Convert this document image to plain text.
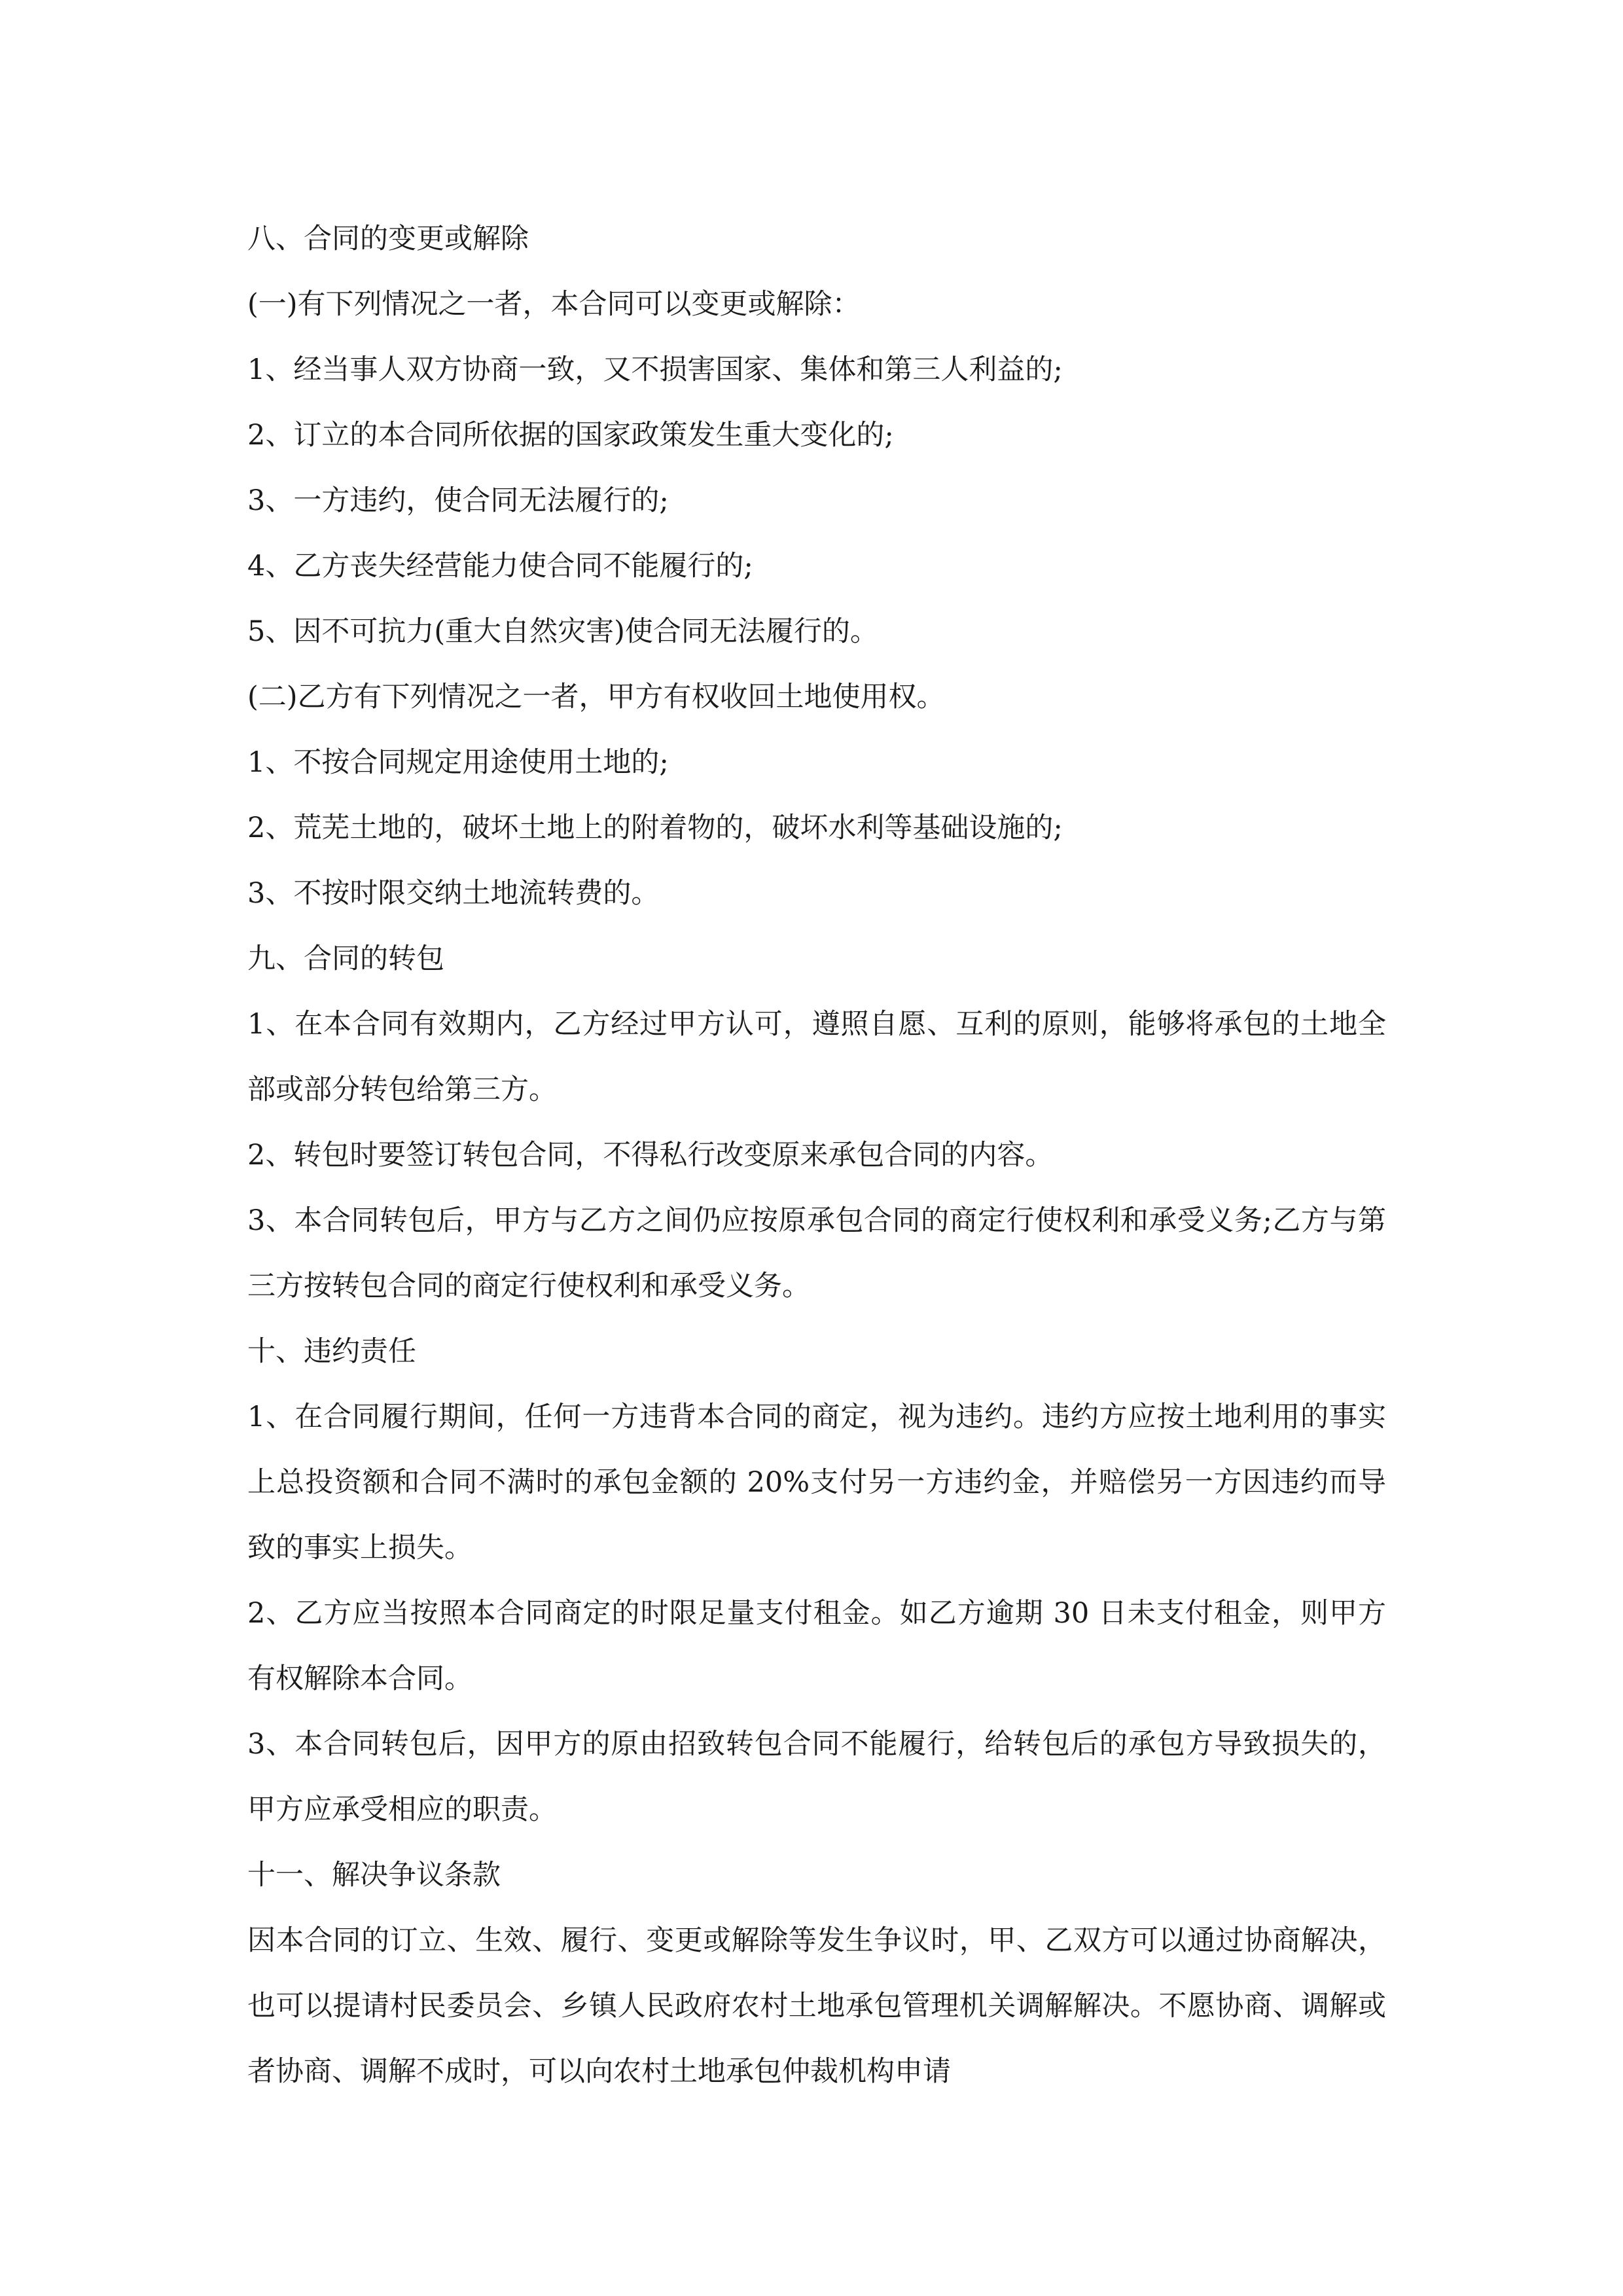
八、合同的变更或解除

(一)有下列情况之一者，本合同可以变更或解除：

1、经当事人双方协商一致，又不损害国家、集体和第三人利益的;

2、订立的本合同所依据的国家政策发生重大变化的;

3、一方违约，使合同无法履行的;

4、乙方丧失经营能力使合同不能履行的;

5、因不可抗力(重大自然灾害)使合同无法履行的。

(二)乙方有下列情况之一者，甲方有权收回土地使用权。

1、不按合同规定用途使用土地的;

2、荒芜土地的，破坏土地上的附着物的，破坏水利等基础设施的;

3、不按时限交纳土地流转费的。

九、合同的转包

1、在本合同有效期内，乙方经过甲方认可，遵照自愿、互利的原则，能够将承包的土地全部或部分转包给第三方。

2、转包时要签订转包合同，不得私行改变原来承包合同的内容。

3、本合同转包后，甲方与乙方之间仍应按原承包合同的商定行使权利和承受义务;乙方与第三方按转包合同的商定行使权利和承受义务。

十、违约责任

1、在合同履行期间，任何一方违背本合同的商定，视为违约。违约方应按土地利用的事实上总投资额和合同不满时的承包金额的 20%支付另一方违约金，并赔偿另一方因违约而导致的事实上损失。

2、乙方应当按照本合同商定的时限足量支付租金。如乙方逾期 30 日未支付租金，则甲方有权解除本合同。

3、本合同转包后，因甲方的原由招致转包合同不能履行，给转包后的承包方导致损失的，甲方应承受相应的职责。

十一、解决争议条款

因本合同的订立、生效、履行、变更或解除等发生争议时，甲、乙双方可以通过协商解决，也可以提请村民委员会、乡镇人民政府农村土地承包管理机关调解解决。不愿协商、调解或者协商、调解不成时，可以向农村土地承包仲裁机构申请
